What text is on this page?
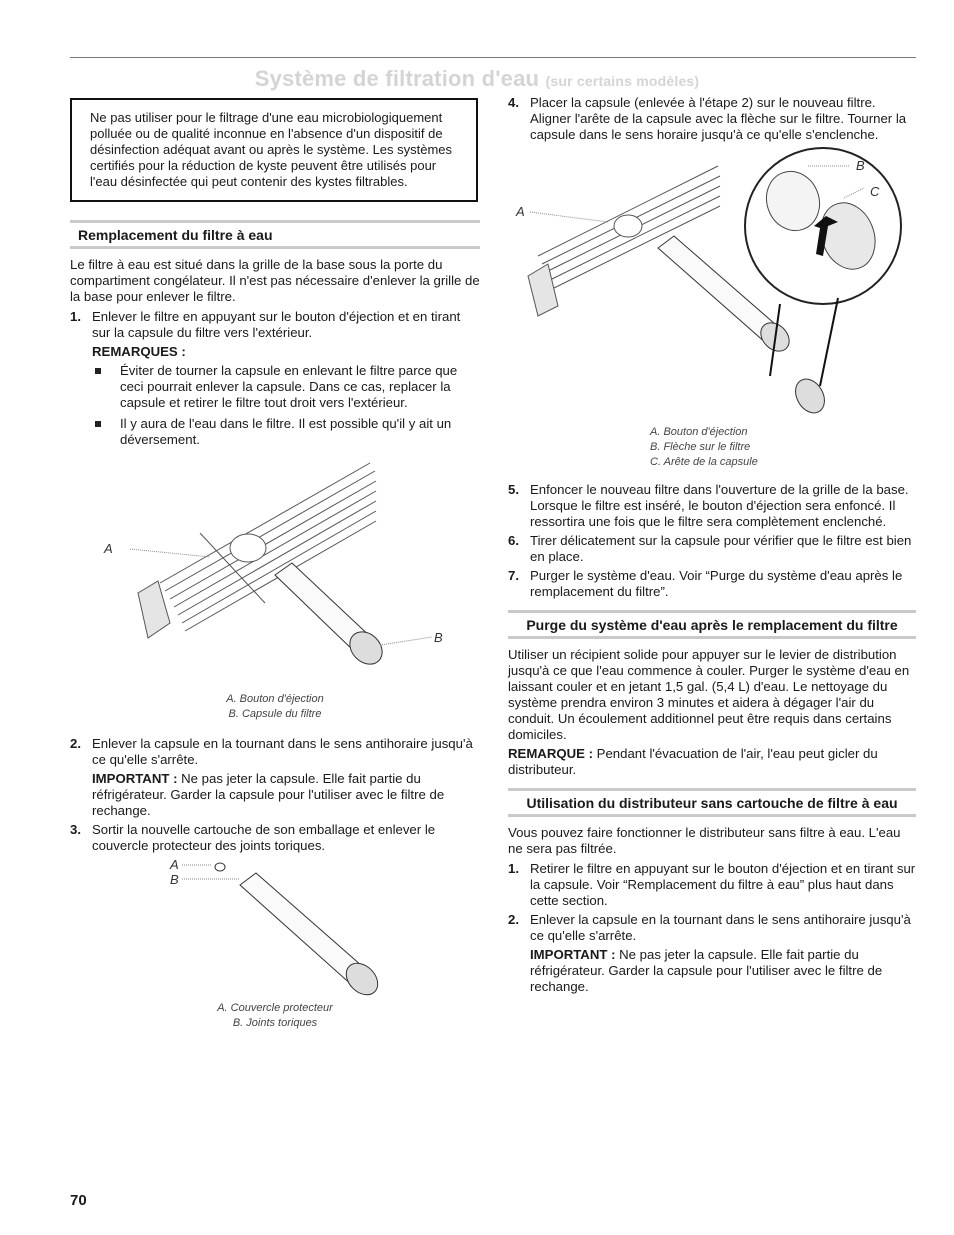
Système de filtration d'eau (sur certains modèles)
Ne pas utiliser pour le filtrage d'une eau microbiologiquement polluée ou de qualité inconnue en l'absence d'un dispositif de désinfection adéquat avant ou après le système. Les systèmes certifiés pour la réduction de kyste peuvent être utilisés pour l'eau désinfectée qui peut contenir des kystes filtrables.
Remplacement du filtre à eau

Le filtre à eau est situé dans la grille de la base sous la porte du compartiment congélateur. Il n'est pas nécessaire d'enlever la grille de la base pour enlever le filtre.

1. Enlever le filtre en appuyant sur le bouton d'éjection et en tirant sur la capsule du filtre vers l'extérieur.
REMARQUES :
Éviter de tourner la capsule en enlevant le filtre parce que ceci pourrait enlever la capsule. Dans ce cas, replacer la capsule et retirer le filtre tout droit vers l'extérieur.
Il y aura de l'eau dans le filtre. Il est possible qu'il y ait un déversement.
A
B
A. Bouton d'éjection
B. Capsule du filtre
2. Enlever la capsule en la tournant dans le sens antihoraire jusqu'à ce qu'elle s'arrête.
IMPORTANT : Ne pas jeter la capsule. Elle fait partie du réfrigérateur. Garder la capsule pour l'utiliser avec le filtre de rechange.
3. Sortir la nouvelle cartouche de son emballage et enlever le couvercle protecteur des joints toriques.
A
B
A. Couvercle protecteur
B. Joints toriques
4. Placer la capsule (enlevée à l'étape 2) sur le nouveau filtre. Aligner l'arête de la capsule avec la flèche sur le filtre. Tourner la capsule dans le sens horaire jusqu'à ce qu'elle s'enclenche.
A
B
C
A. Bouton d'éjection
B. Flèche sur le filtre
C. Arête de la capsule
5. Enfoncer le nouveau filtre dans l'ouverture de la grille de la base. Lorsque le filtre est inséré, le bouton d'éjection sera enfoncé. Il ressortira une fois que le filtre sera complètement enclenché.
6. Tirer délicatement sur la capsule pour vérifier que le filtre est bien en place.
7. Purger le système d'eau. Voir “Purge du système d'eau après le remplacement du filtre”.
Purge du système d'eau après le remplacement du filtre

Utiliser un récipient solide pour appuyer sur le levier de distribution jusqu'à ce que l'eau commence à couler. Purger le système d'eau en laissant couler et en jetant 1,5 gal. (5,4 L) d'eau. Le nettoyage du système prendra environ 3 minutes et aidera à dégager l'air du conduit. Un écoulement additionnel peut être requis dans certains domiciles.

REMARQUE : Pendant l'évacuation de l'air, l'eau peut gicler du distributeur.

Utilisation du distributeur sans cartouche de filtre à eau

Vous pouvez faire fonctionner le distributeur sans filtre à eau. L'eau ne sera pas filtrée.

1. Retirer le filtre en appuyant sur le bouton d'éjection et en tirant sur la capsule. Voir “Remplacement du filtre à eau” plus haut dans cette section.
2. Enlever la capsule en la tournant dans le sens antihoraire jusqu'à ce qu'elle s'arrête.
IMPORTANT : Ne pas jeter la capsule. Elle fait partie du réfrigérateur. Garder la capsule pour l'utiliser avec le filtre de rechange.
70
